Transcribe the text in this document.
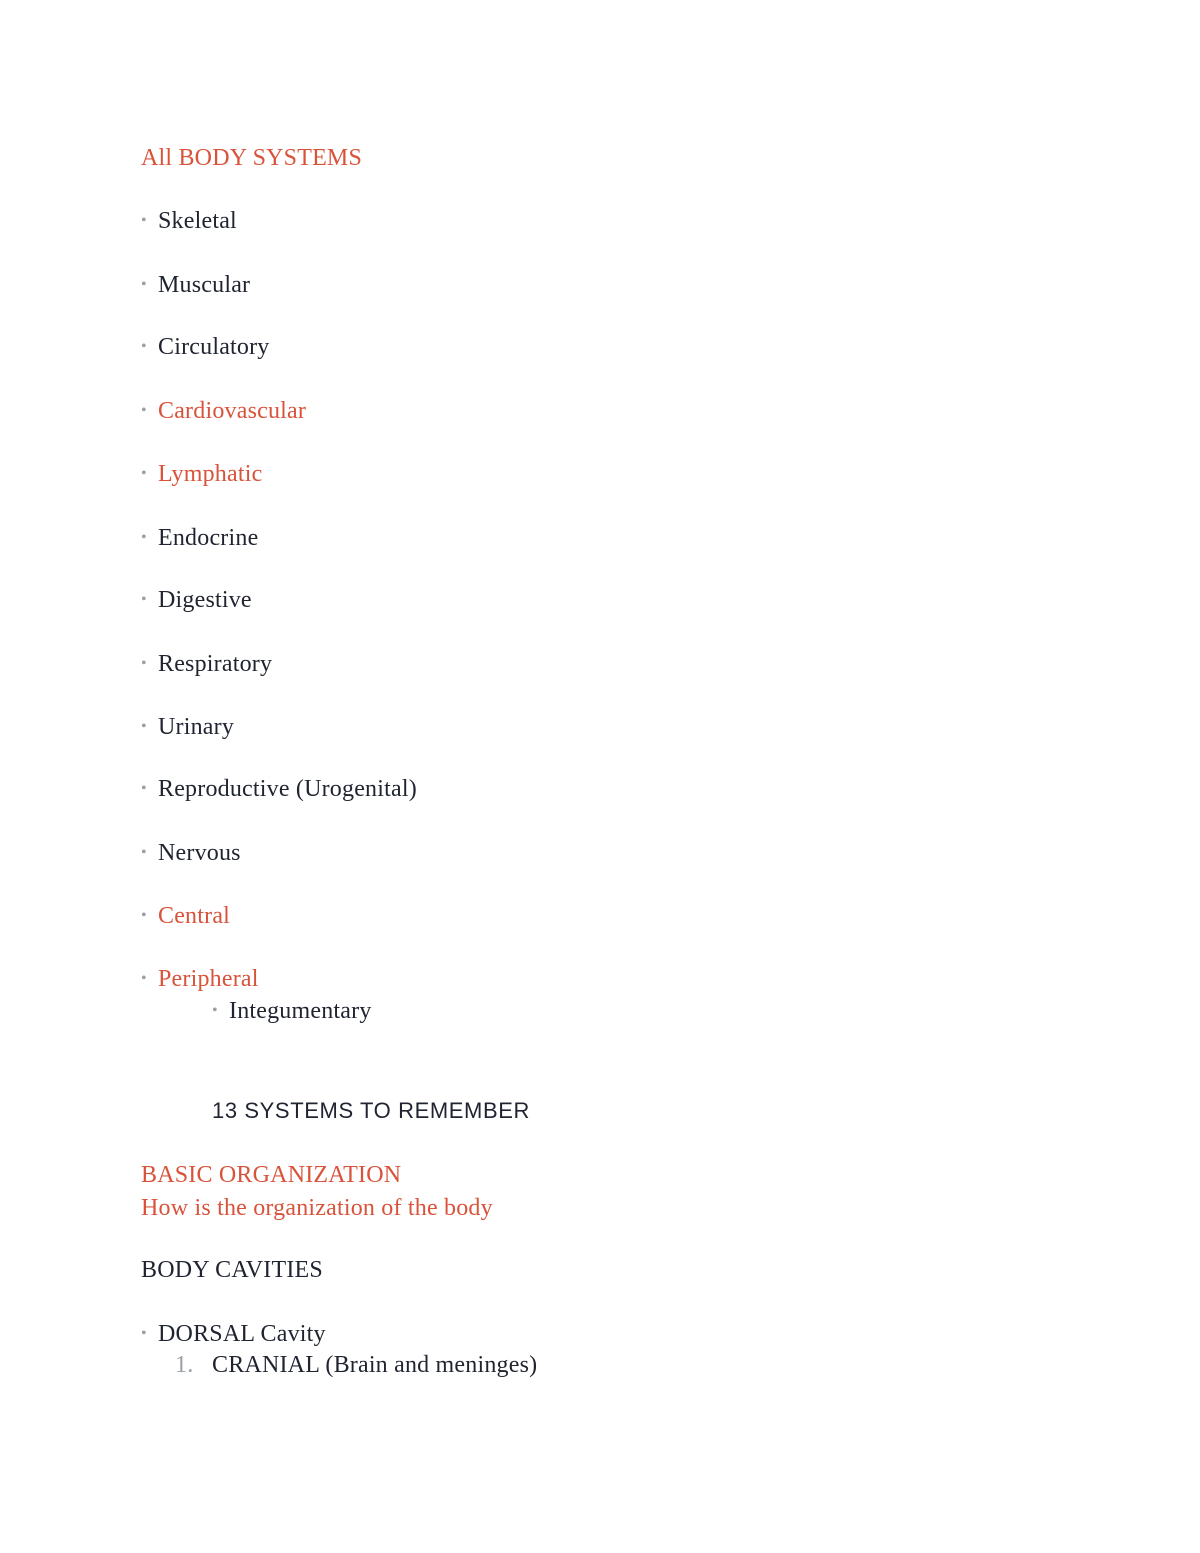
All BODY SYSTEMS
• Skeletal
• Muscular
• Circulatory
• Cardiovascular
• Lymphatic
• Endocrine
• Digestive
• Respiratory
• Urinary
• Reproductive (Urogenital)
• Nervous
• Central
• Peripheral
• Integumentary
13 SYSTEMS TO REMEMBER
BASIC ORGANIZATION
How is the organization of the body
BODY CAVITIES
• DORSAL Cavity
1. CRANIAL (Brain and meninges)
